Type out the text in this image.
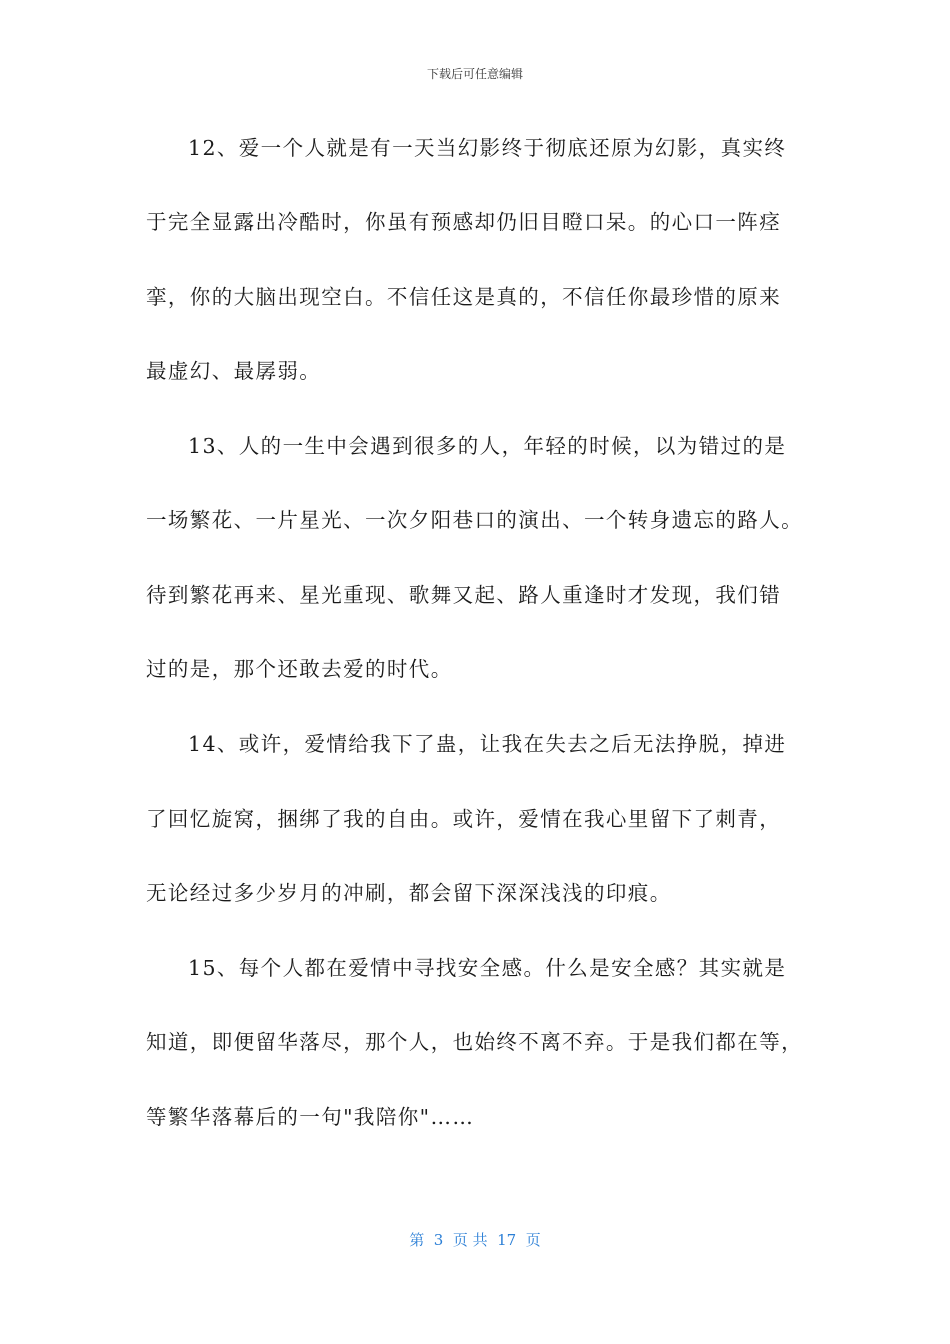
下载后可任意编辑
12、爱一个人就是有一天当幻影终于彻底还原为幻影，真实终
于完全显露出冷酷时，你虽有预感却仍旧目瞪口呆。的心口一阵痉
挛，你的大脑出现空白。不信任这是真的，不信任你最珍惜的原来
最虚幻、最孱弱。
13、人的一生中会遇到很多的人，年轻的时候，以为错过的是
一场繁花、一片星光、一次夕阳巷口的演出、一个转身遗忘的路人。
待到繁花再来、星光重现、歌舞又起、路人重逢时才发现，我们错
过的是，那个还敢去爱的时代。
14、或许，爱情给我下了蛊，让我在失去之后无法挣脱，掉进
了回忆旋窝，捆绑了我的自由。或许，爱情在我心里留下了刺青，
无论经过多少岁月的冲刷，都会留下深深浅浅的印痕。
15、每个人都在爱情中寻找安全感。什么是安全感？其实就是
知道，即便留华落尽，那个人，也始终不离不弃。于是我们都在等，
等繁华落幕后的一句"我陪你"……
第  3  页 共  17  页
